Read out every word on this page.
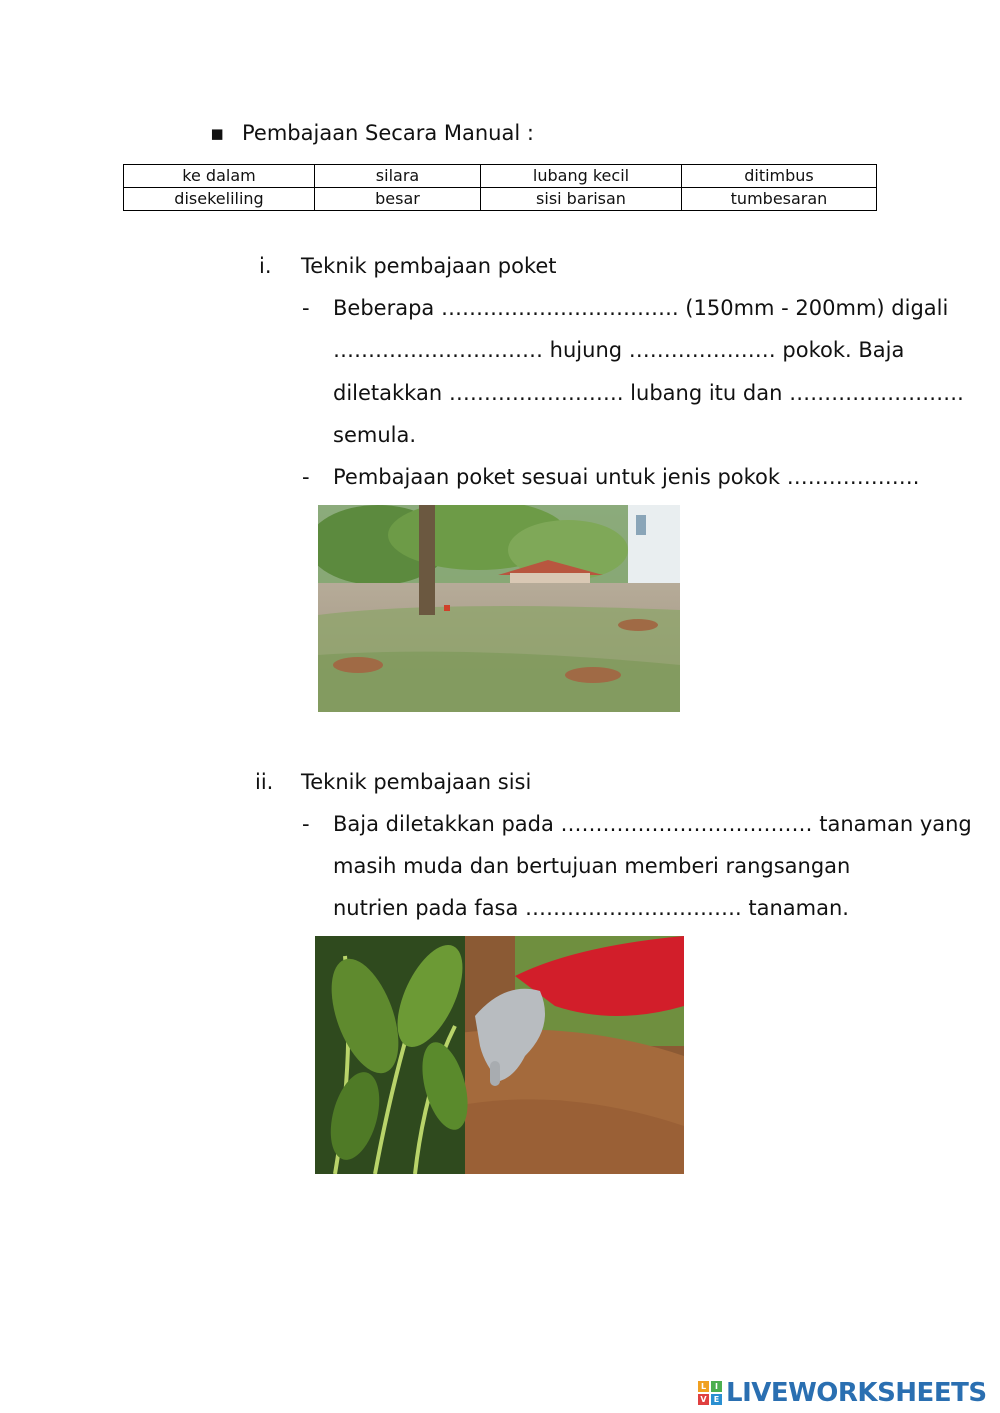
▪ Pembajaan Secara Manual :
ke dalam	silara	lubang kecil	ditimbus
disekeliling	besar	sisi barisan	tumbesaran
i. Teknik pembajaan poket
- Beberapa ……………………………. (150mm - 200mm) digali
………………………… hujung ………………… pokok. Baja
diletakkan ……………………. lubang itu dan …………………….
semula.
- Pembajaan poket sesuai untuk jenis pokok ……………….
ii. Teknik pembajaan sisi
- Baja diletakkan pada ……………………………… tanaman yang
masih muda dan bertujuan memberi rangsangan
nutrien pada fasa …………………………. tanaman.
L	I
V E LIVEWORKSHEETS
